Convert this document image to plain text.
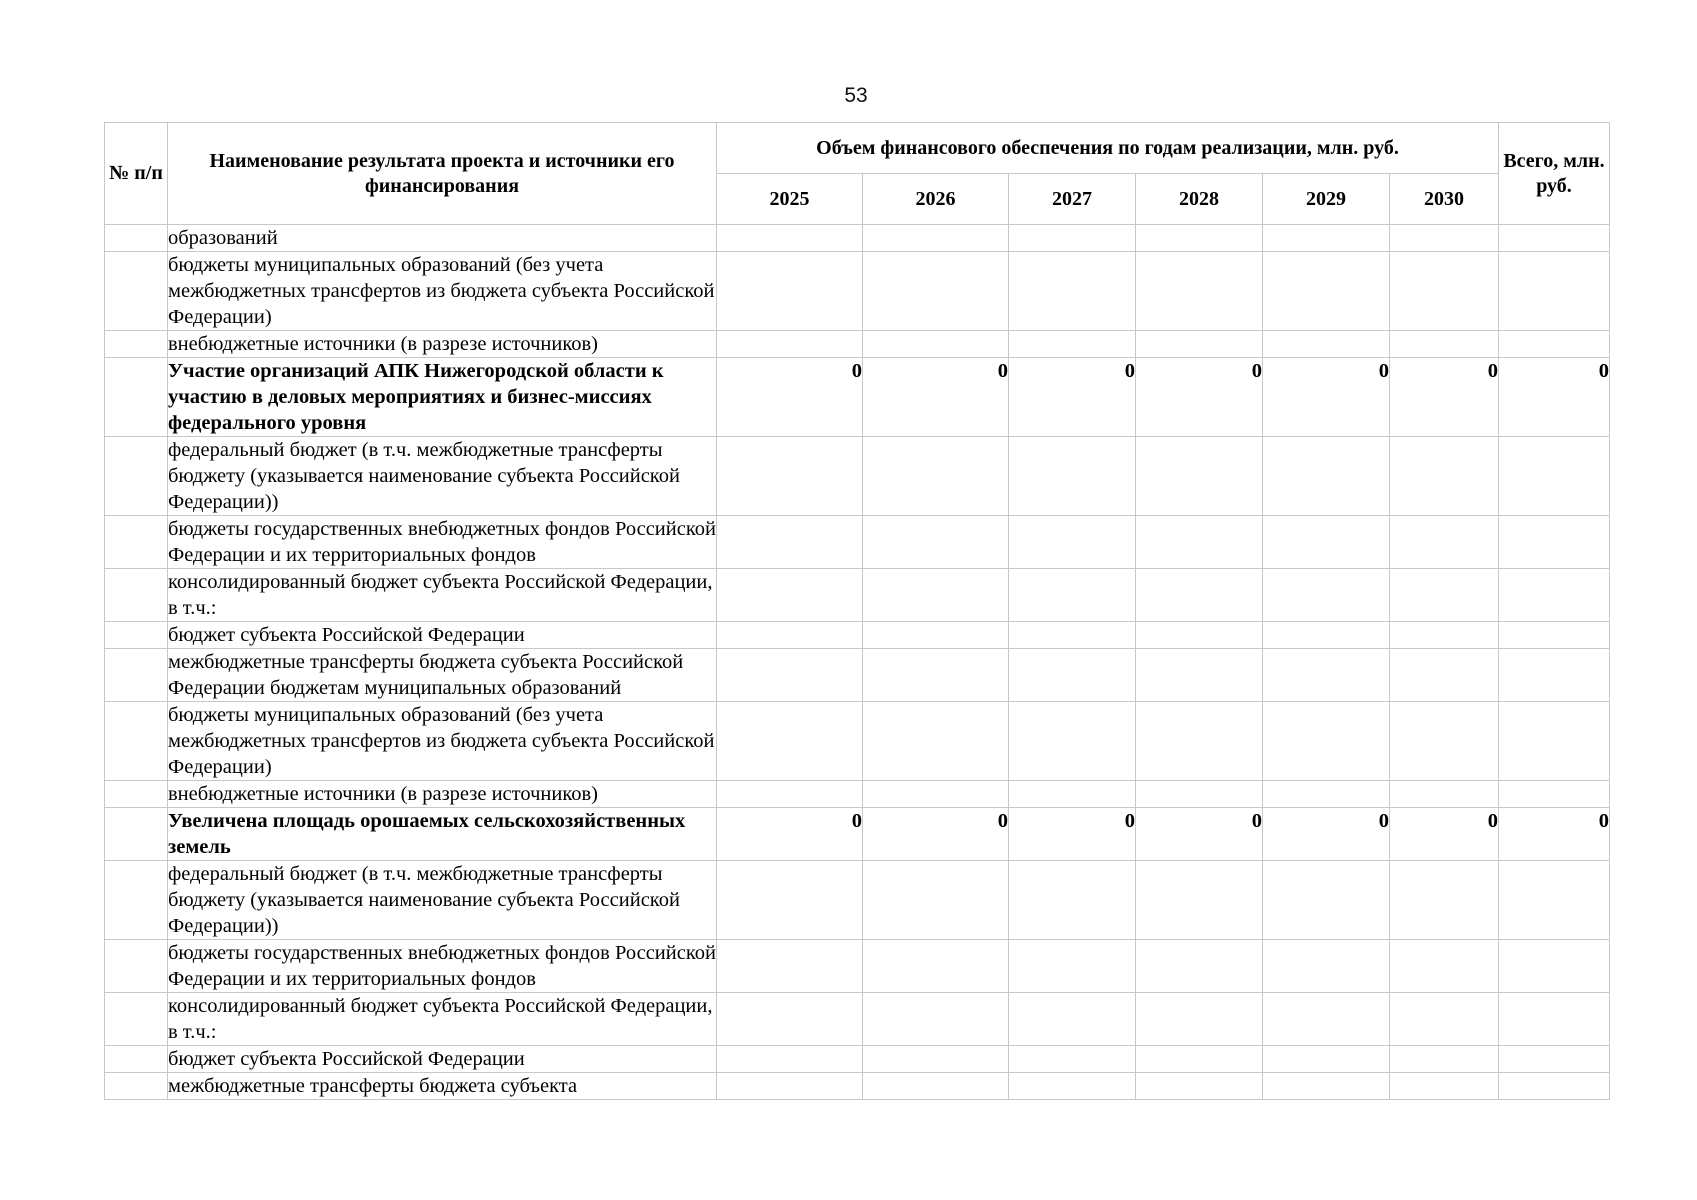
53
№ п/п	Наименование результата проекта и источники его финансирования	Объем финансового обеспечения по годам реализации, млн. руб.						Всего, млн. руб.
		2025	2026	2027	2028	2029	2030	
	образований							
	бюджеты муниципальных образований (без учета межбюджетных трансфертов из бюджета субъекта Российской Федерации)							
	внебюджетные источники (в разрезе источников)							
	Участие организаций АПК Нижегородской области к участию в деловых мероприятиях и бизнес-миссиях федерального уровня	0	0	0	0	0	0	0
	федеральный бюджет (в т.ч. межбюджетные трансферты бюджету (указывается наименование субъекта Российской Федерации))							
	бюджеты государственных внебюджетных фондов Российской Федерации и их территориальных фондов							
	консолидированный бюджет субъекта Российской Федерации, в т.ч.:							
	бюджет субъекта Российской Федерации							
	межбюджетные трансферты бюджета субъекта Российской Федерации бюджетам муниципальных образований							
	бюджеты муниципальных образований (без учета межбюджетных трансфертов из бюджета субъекта Российской Федерации)							
	внебюджетные источники (в разрезе источников)							
	Увеличена площадь орошаемых сельскохозяйственных земель	0	0	0	0	0	0	0
	федеральный бюджет (в т.ч. межбюджетные трансферты бюджету (указывается наименование субъекта Российской Федерации))							
	бюджеты государственных внебюджетных фондов Российской Федерации и их территориальных фондов							
	консолидированный бюджет субъекта Российской Федерации, в т.ч.:							
	бюджет субъекта Российской Федерации							
	межбюджетные трансферты бюджета субъекта							
